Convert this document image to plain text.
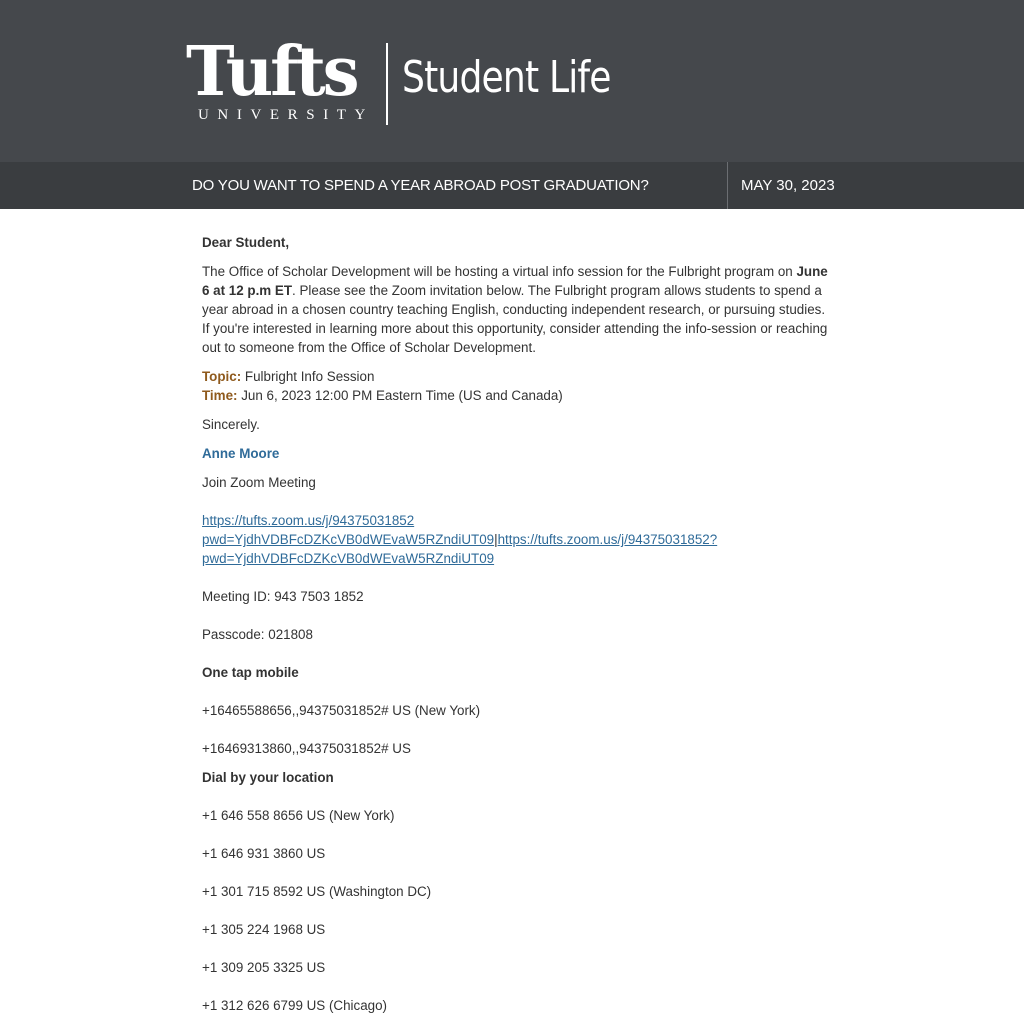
Tufts
UNIVERSITY
Student Life
DO YOU WANT TO SPEND A YEAR ABROAD POST GRADUATION?	MAY 30, 2023

Dear Student,

The Office of Scholar Development will be hosting a virtual info session for the Fulbright program on June 6 at 12 p.m ET. Please see the Zoom invitation below. The Fulbright program allows students to spend a year abroad in a chosen country teaching English, conducting independent research, or pursuing studies. If you're interested in learning more about this opportunity, consider attending the info-session or reaching out to someone from the Office of Scholar Development.

Topic: Fulbright Info Session
Time: Jun 6, 2023 12:00 PM Eastern Time (US and Canada)

Sincerely.

Anne Moore

Join Zoom Meeting

https://tufts.zoom.us/j/94375031852 pwd=YjdhVDBFcDZKcVB0dWEvaW5RZndiUT09|https://tufts.zoom.us/j/94375031852? pwd=YjdhVDBFcDZKcVB0dWEvaW5RZndiUT09

Meeting ID: 943 7503 1852

Passcode: 021808

One tap mobile

+16465588656,,94375031852# US (New York)

+16469313860,,94375031852# US

Dial by your location

+1 646 558 8656 US (New York)

+1 646 931 3860 US

+1 301 715 8592 US (Washington DC)

+1 305 224 1968 US

+1 309 205 3325 US

+1 312 626 6799 US (Chicago)
